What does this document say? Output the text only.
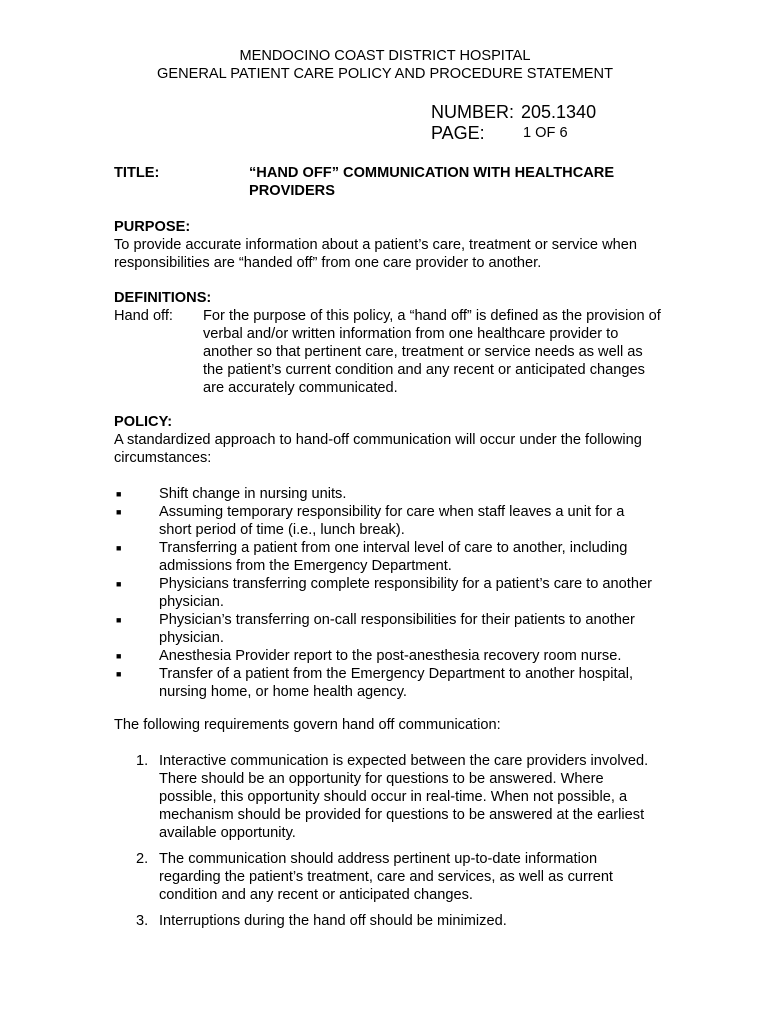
MENDOCINO COAST DISTRICT HOSPITAL
GENERAL PATIENT CARE POLICY AND PROCEDURE STATEMENT
NUMBER: 205.1340
PAGE:	1 OF 6
TITLE:	“HAND OFF” COMMUNICATION WITH HEALTHCARE
PROVIDERS
PURPOSE:
To provide accurate information about a patient’s care, treatment or service when responsibilities are “handed off” from one care provider to another.
DEFINITIONS:
Hand off: For the purpose of this policy, a “hand off” is defined as the provision of verbal and/or written information from one healthcare provider to another so that pertinent care, treatment or service needs as well as the patient’s current condition and any recent or anticipated changes are accurately communicated.
POLICY:
A standardized approach to hand-off communication will occur under the following circumstances:
■	Shift change in nursing units.
■	Assuming temporary responsibility for care when staff leaves a unit for a short period of time (i.e., lunch break).
■	Transferring a patient from one interval level of care to another, including admissions from the Emergency Department.
■	Physicians transferring complete responsibility for a patient’s care to another physician.
■	Physician’s transferring on-call responsibilities for their patients to another physician.
■	Anesthesia Provider report to the post-anesthesia recovery room nurse.
■	Transfer of a patient from the Emergency Department to another hospital, nursing home, or home health agency.
The following requirements govern hand off communication:
1. Interactive communication is expected between the care providers involved. There should be an opportunity for questions to be answered. Where possible, this opportunity should occur in real-time. When not possible, a mechanism should be provided for questions to be answered at the earliest available opportunity.
2. The communication should address pertinent up-to-date information regarding the patient’s treatment, care and services, as well as current condition and any recent or anticipated changes.
3. Interruptions during the hand off should be minimized.
